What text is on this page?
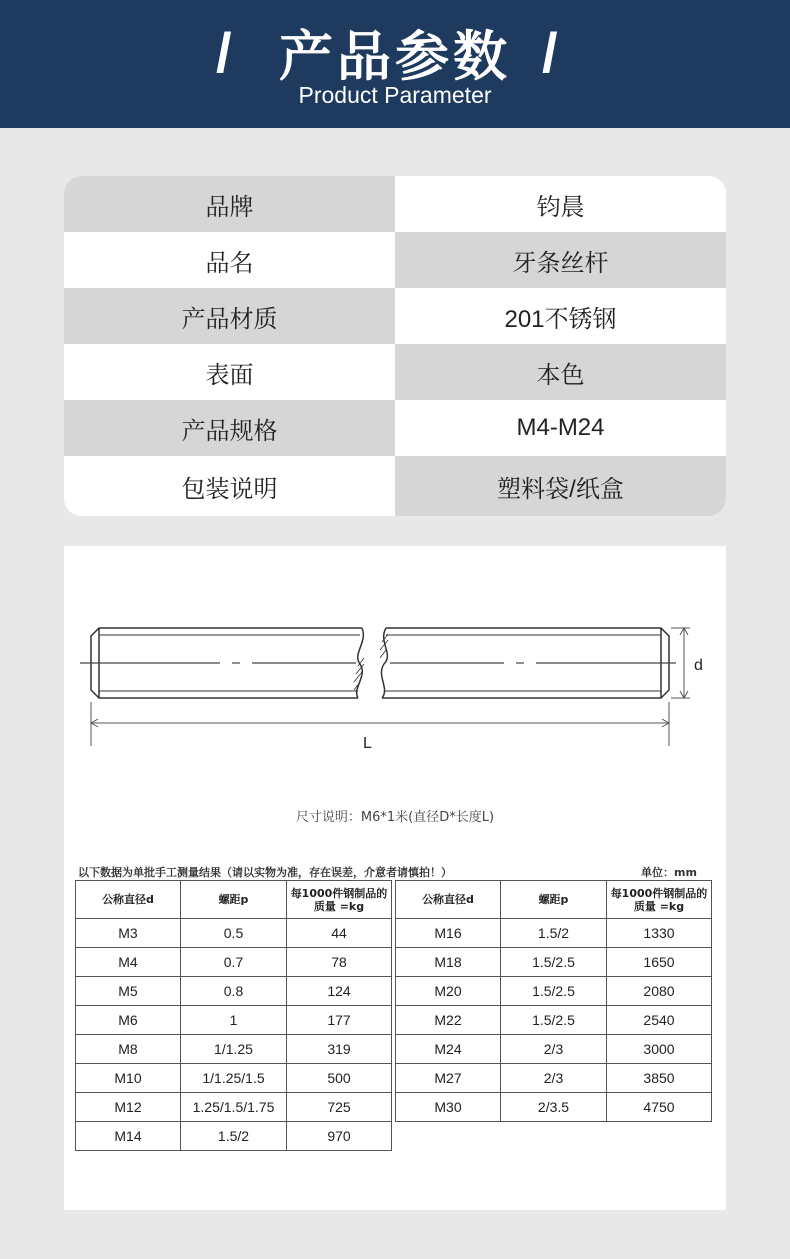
/ 产品参数 /
Product Parameter
品牌	钧晨
品名	牙条丝杆
产品材质	201不锈钢
表面	本色
产品规格	M4-M24
包装说明	塑料袋/纸盒
d
L
尺寸说明：M6*1米(直径D*长度L)
以下数据为单批手工测量结果（请以实物为准，存在误差，介意者请慎拍！）	单位：mm
公称直径d	螺距p	每1000件钢制品的质量 =kg
M3	0.5	44
M4	0.7	78
M5	0.8	124
M6	1	177
M8	1/1.25	319
M10	1/1.25/1.5	500
M12	1.25/1.5/1.75	725
M14	1.5/2	970
公称直径d	螺距p	每1000件钢制品的质量 =kg
M16	1.5/2	1330
M18	1.5/2.5	1650
M20	1.5/2.5	2080
M22	1.5/2.5	2540
M24	2/3	3000
M27	2/3	3850
M30	2/3.5	4750
